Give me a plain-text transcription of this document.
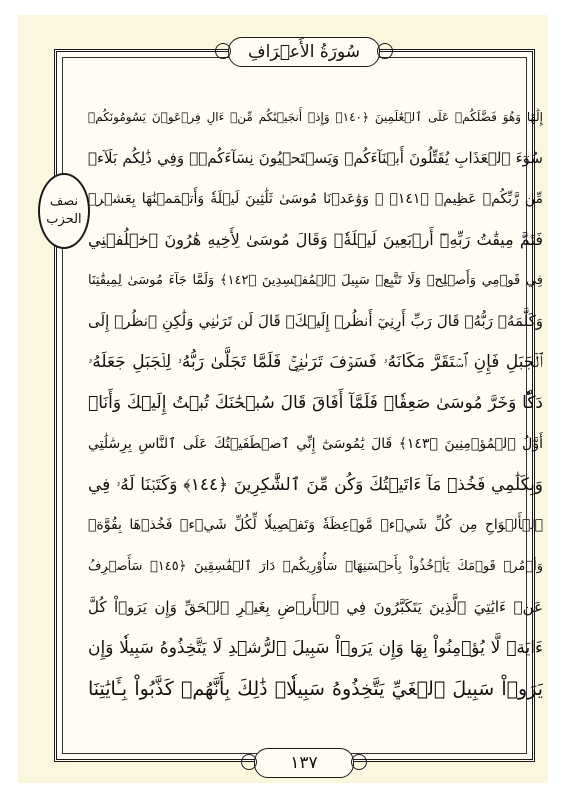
سُورَةُ الأَعۡرَافِ
نصف
الحزب
إِلَٰهًا وَهُوَ فَضَّلَكُمۡ عَلَى ٱلۡعَٰلَمِينَ ﴿١٤٠﴾ وَإِذۡ أَنجَيۡنَٰكُم مِّنۡ ءَالِ فِرۡعَوۡنَ يَسُومُونَكُمۡ
سُوٓءَ ٱلۡعَذَابِ يُقَتِّلُونَ أَبۡنَآءَكُمۡ وَيَسۡتَحۡيُونَ نِسَآءَكُمۡۚ وَفِي ذَٰلِكُم بَلَآءٞ
مِّن رَّبِّكُمۡ عَظِيمٞ ﴿١٤١﴾ ۞ وَوَٰعَدۡنَا مُوسَىٰ ثَلَٰثِينَ لَيۡلَةٗ وَأَتۡمَمۡنَٰهَا بِعَشۡرٖ
فَتَمَّ مِيقَٰتُ رَبِّهِۦٓ أَرۡبَعِينَ لَيۡلَةٗۚ وَقَالَ مُوسَىٰ لِأَخِيهِ هَٰرُونَ ٱخۡلُفۡنِي
فِي قَوۡمِي وَأَصۡلِحۡ وَلَا تَتَّبِعۡ سَبِيلَ ٱلۡمُفۡسِدِينَ ﴿١٤٢﴾ وَلَمَّا جَآءَ مُوسَىٰ لِمِيقَٰتِنَا
وَكَلَّمَهُۥ رَبُّهُۥ قَالَ رَبِّ أَرِنِيٓ أَنظُرۡ إِلَيۡكَۚ قَالَ لَن تَرَىٰنِي وَلَٰكِنِ ٱنظُرۡ إِلَى
ٱلۡجَبَلِ فَإِنِ ٱسۡتَقَرَّ مَكَانَهُۥ فَسَوۡفَ تَرَىٰنِيۚ فَلَمَّا تَجَلَّىٰ رَبُّهُۥ لِلۡجَبَلِ جَعَلَهُۥ
دَكّٗا وَخَرَّ مُوسَىٰ صَعِقٗاۚ فَلَمَّآ أَفَاقَ قَالَ سُبۡحَٰنَكَ تُبۡتُ إِلَيۡكَ وَأَنَا۠
أَوَّلُ ٱلۡمُؤۡمِنِينَ ﴿١٤٣﴾ قَالَ يَٰمُوسَىٰٓ إِنِّي ٱصۡطَفَيۡتُكَ عَلَى ٱلنَّاسِ بِرِسَٰلَٰتِي
وَبِكَلَٰمِي فَخُذۡ مَآ ءَاتَيۡتُكَ وَكُن مِّنَ ٱلشَّٰكِرِينَ ﴿١٤٤﴾ وَكَتَبۡنَا لَهُۥ فِي
ٱلۡأَلۡوَاحِ مِن كُلِّ شَيۡءٖ مَّوۡعِظَةٗ وَتَفۡصِيلٗا لِّكُلِّ شَيۡءٖ فَخُذۡهَا بِقُوَّةٖ
وَأۡمُرۡ قَوۡمَكَ يَأۡخُذُواْ بِأَحۡسَنِهَاۚ سَأُوْرِيكُمۡ دَارَ ٱلۡفَٰسِقِينَ ﴿١٤٥﴾ سَأَصۡرِفُ
عَنۡ ءَايَٰتِيَ ٱلَّذِينَ يَتَكَبَّرُونَ فِي ٱلۡأَرۡضِ بِغَيۡرِ ٱلۡحَقِّ وَإِن يَرَوۡاْ كُلَّ
ءَايَةٖ لَّا يُؤۡمِنُواْ بِهَا وَإِن يَرَوۡاْ سَبِيلَ ٱلرُّشۡدِ لَا يَتَّخِذُوهُ سَبِيلٗا وَإِن
يَرَوۡاْ سَبِيلَ ٱلۡغَيِّ يَتَّخِذُوهُ سَبِيلٗاۚ ذَٰلِكَ بِأَنَّهُمۡ كَذَّبُواْ بِـَٔايَٰتِنَا
١٣٧
